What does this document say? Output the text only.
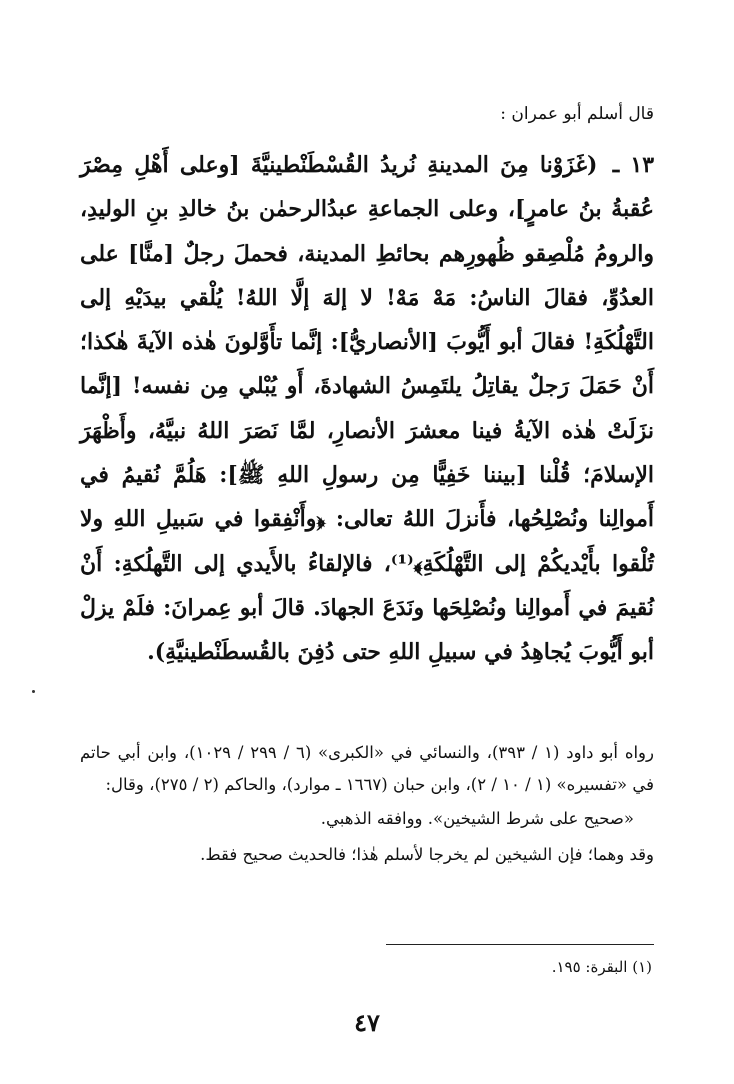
قال أسلم أبو عمران :
١٣ ـ (غَزَوْنا مِنَ المدينةِ نُريدُ القُسْطَنْطينيَّةَ [وعلى أَهْلِ مِصْرَ عُقبةُ بنُ عامرٍ]، وعلى الجماعةِ عبدُالرحمٰن بنُ خالدِ بنِ الوليدِ، والرومُ مُلْصِقو ظُهورِهم بحائطِ المدينة، فحملَ رجلٌ [منَّا] على العدُوِّ، فقالَ الناسُ: مَهْ مَهْ! لا إلهَ إلَّا اللهُ! يُلْقي بيدَيْهِ إلى التَّهْلُكَةِ! فقالَ أبو أَيُّوبَ [الأنصاريُّ]: إنَّما تأَوَّلونَ هٰذه الآيةَ هٰكذا؛ أَنْ حَمَلَ رَجلٌ يقاتِلُ يلتَمِسُ الشهادةَ، أَو يُبْلي مِن نفسه! [إنَّما نزَلَتْ هٰذه الآيةُ فينا معشرَ الأنصارِ، لمَّا نَصَرَ اللهُ نبيَّهُ، وأَظْهَرَ الإسلامَ؛ قُلْنا [بيننا خَفِيًّا مِن رسولِ اللهِ ﷺ]: هَلُمَّ نُقيمُ في أَموالِنا ونُصْلِحُها، فأَنزلَ اللهُ تعالى: ﴿وأَنْفِقوا في سَبيلِ اللهِ ولا تُلْقوا بأَيْديكُمْ إلى التَّهْلُكَةِ﴾⁽¹⁾، فالإلقاءُ بالأَيدي إلى التَّهلُكةِ: أَنْ نُقيمَ في أَموالِنا ونُصْلِحَها ونَدَعَ الجهادَ. قالَ أبو عِمرانَ: فلَمْ يزلْ أبو أَيُّوبَ يُجاهِدُ في سبيلِ اللهِ حتى دُفِنَ بالقُسطَنْطينيَّةِ).

رواه أبو داود (١ / ٣٩٣)، والنسائي في «الكبرى» (٦ / ٢٩٩ / ١٠٢٩)، وابن أبي حاتم في «تفسيره» (١ / ١٠ / ٢)، وابن حبان (١٦٦٧ ـ موارد)، والحاكم (٢ / ٢٧٥)، وقال:

«صحيح على شرط الشيخين». ووافقه الذهبي.

وقد وهما؛ فإن الشيخين لم يخرجا لأسلم هٰذا؛ فالحديث صحيح فقط.

(١) البقرة: ١٩٥.
٤٧
